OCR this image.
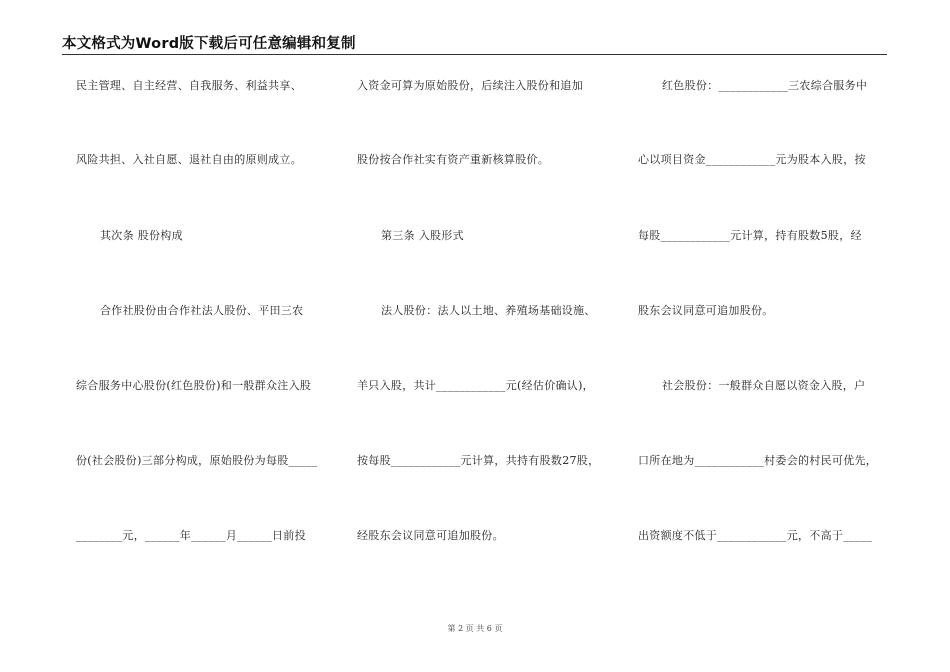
本文格式为Word版下载后可任意编辑和复制
民主管理、自主经营、自我服务、利益共享、
风险共担、入社自愿、退社自由的原则成立。
其次条 股份构成
合作社股份由合作社法人股份、平田三农
综合服务中心股份(红色股份)和一般群众注入股
份(社会股份)三部分构成，原始股份为每股_____
________元，______年______月______日前投
入资金可算为原始股份，后续注入股份和追加
股份按合作社实有资产重新核算股价。
第三条 入股形式
法人股份：法人以土地、养殖场基础设施、
羊只入股，共计____________元(经估价确认)，
按每股____________元计算，共持有股数27股，
经股东会议同意可追加股份。
红色股份：____________三农综合服务中
心以项目资金____________元为股本入股，按
每股____________元计算，持有股数5股，经
股东会议同意可追加股份。
社会股份：一般群众自愿以资金入股，户
口所在地为____________村委会的村民可优先，
出资额度不低于____________元，不高于_____
第 2 页 共 6 页
